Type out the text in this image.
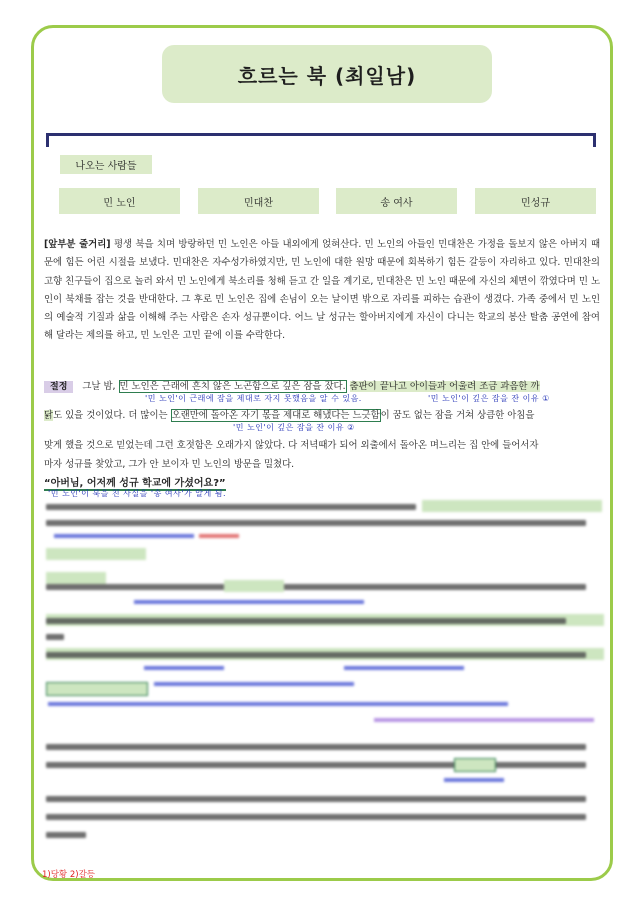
흐르는 북 (최일남)
나오는 사람들
민 노인	민대찬	송 여사	민성규
[앞부분 줄거리] 평생 북을 치며 방랑하던 민 노인은 아들 내외에게 얹혀산다. 민 노인의 아들인 민대찬은 가정을 돌보지 않은 아버지 때문에 힘든 어린 시절을 보냈다. 민대찬은 자수성가하였지만, 민 노인에 대한 원망 때문에 회복하기 힘든 갈등이 자리하고 있다. 민대찬의 고향 친구들이 집으로 놀러 와서 민 노인에게 북소리를 청해 듣고 간 일을 계기로, 민대찬은 민 노인 때문에 자신의 체면이 깎였다며 민 노인이 북채를 잡는 것을 반대한다. 그 후로 민 노인은 집에 손님이 오는 날이면 밖으로 자리를 피하는 습관이 생겼다. 가족 중에서 민 노인의 예술적 기질과 삶을 이해해 주는 사람은 손자 성규뿐이다. 어느 날 성규는 할아버지에게 자신이 다니는 학교의 봉산 탈춤 공연에 참여해 달라는 제의를 하고, 민 노인은 고민 끝에 이를 수락한다.
절정 그날 밤, 민 노인은 근래에 흔치 않은 노곤함으로 깊은 잠을 잤다. 춤판이 끝나고 아이들과 어울려 조금 과음한 까
'민 노인'이 근래에 잠을 제대로 자지 못했음을 알 수 있음.	'민 노인'이 깊은 잠을 잔 이유 ①
닭도 있을 것이었다. 더 많이는 오랜만에 돌아온 자기 몫을 제대로 해냈다는 느긋함이 꿈도 없는 잠을 거쳐 상큼한 아침을
'민 노인'이 깊은 잠을 잔 이유 ②
맞게 했을 것으로 믿었는데 그런 호젓함은 오래가지 않았다. 다 저녁때가 되어 외출에서 돌아온 며느리는 집 안에 들어서자
마자 성규를 찾았고, 그가 안 보이자 민 노인의 방문을 밀쳤다.
“아버님, 어저께 성규 학교에 가셨어요?”
'민 노인'이 북을 친 사실을 '송 여사'가 알게 됨.
1)당황 2)갈등
